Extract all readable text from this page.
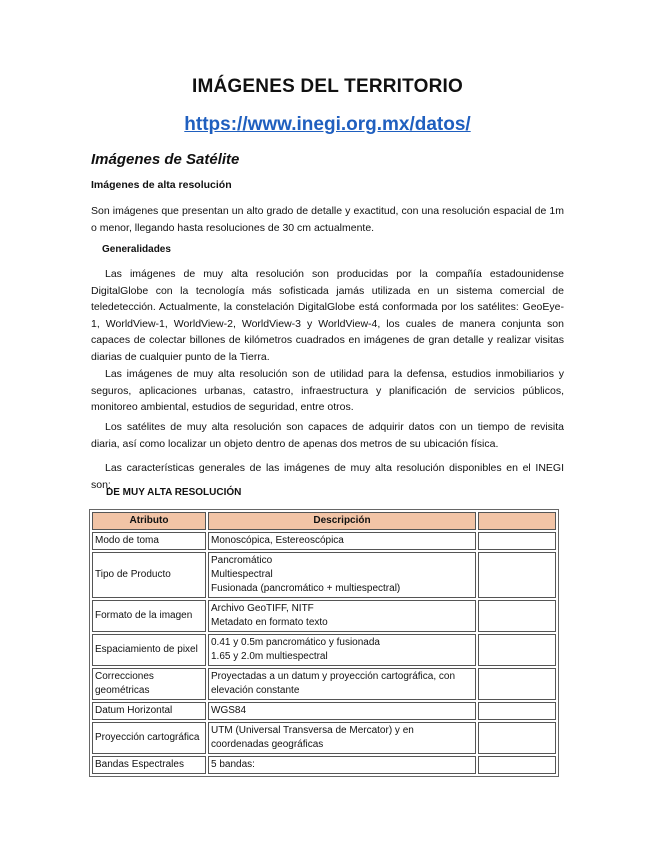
IMÁGENES DEL TERRITORIO
https://www.inegi.org.mx/datos/
Imágenes de Satélite
Imágenes de alta resolución
Son imágenes que presentan un alto grado de detalle y exactitud, con una resolución espacial de 1m o menor, llegando hasta resoluciones de 30 cm actualmente.
Generalidades
Las imágenes de muy alta resolución son producidas por la compañía estadounidense DigitalGlobe con la tecnología más sofisticada jamás utilizada en un sistema comercial de teledetección. Actualmente, la constelación DigitalGlobe está conformada por los satélites: GeoEye-1, WorldView-1, WorldView-2, WorldView-3 y WorldView-4, los cuales de manera conjunta son capaces de colectar billones de kilómetros cuadrados en imágenes de gran detalle y realizar visitas diarias de cualquier punto de la Tierra.
Las imágenes de muy alta resolución son de utilidad para la defensa, estudios inmobiliarios y seguros, aplicaciones urbanas, catastro, infraestructura y planificación de servicios públicos, monitoreo ambiental, estudios de seguridad, entre otros.
Los satélites de muy alta resolución son capaces de adquirir datos con un tiempo de revisita diaria, así como localizar un objeto dentro de apenas dos metros de su ubicación física.
Las características generales de las imágenes de muy alta resolución disponibles en el INEGI son:
DE MUY ALTA RESOLUCIÓN
Atributo	Descripción	
Modo de toma	Monoscópica, Estereoscópica	

Tipo de Producto	Pancromático
Multiespectral
Fusionada (pancromático + multiespectral)	

Formato de la imagen	Archivo GeoTIFF, NITF
Metadato en formato texto	

Espaciamiento de pixel	0.41 y 0.5m pancromático y fusionada
1.65 y 2.0m multiespectral	

Correcciones geométricas	Proyectadas a un datum y proyección cartográfica, con elevación constante	

Datum Horizontal	WGS84	

Proyección cartográfica	UTM (Universal Transversa de Mercator) y en coordenadas geográficas	

Bandas Espectrales	5 bandas:	
